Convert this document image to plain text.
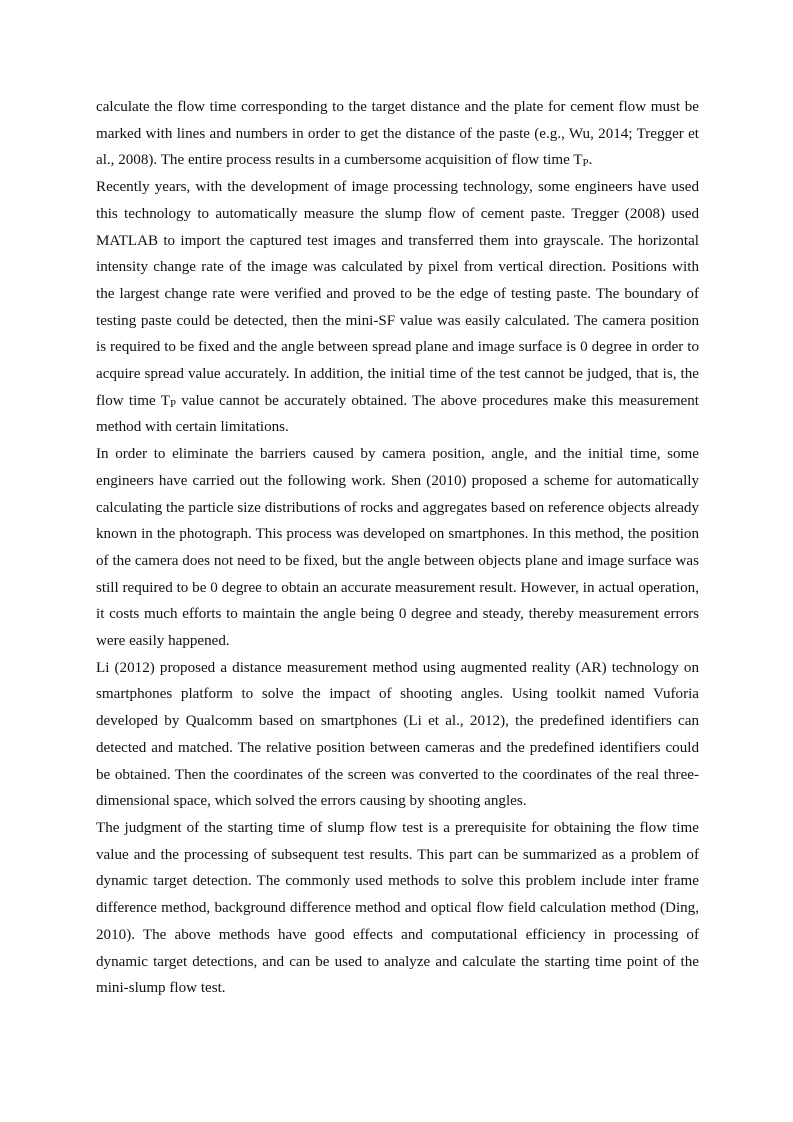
calculate the flow time corresponding to the target distance and the plate for cement flow must be marked with lines and numbers in order to get the distance of the paste (e.g., Wu, 2014; Tregger et al., 2008). The entire process results in a cumbersome acquisition of flow time TP.

Recently years, with the development of image processing technology, some engineers have used this technology to automatically measure the slump flow of cement paste. Tregger (2008) used MATLAB to import the captured test images and transferred them into grayscale. The horizontal intensity change rate of the image was calculated by pixel from vertical direction. Positions with the largest change rate were verified and proved to be the edge of testing paste. The boundary of testing paste could be detected, then the mini-SF value was easily calculated. The camera position is required to be fixed and the angle between spread plane and image surface is 0 degree in order to acquire spread value accurately. In addition, the initial time of the test cannot be judged, that is, the flow time TP value cannot be accurately obtained. The above procedures make this measurement method with certain limitations.

In order to eliminate the barriers caused by camera position, angle, and the initial time, some engineers have carried out the following work. Shen (2010) proposed a scheme for automatically calculating the particle size distributions of rocks and aggregates based on reference objects already known in the photograph. This process was developed on smartphones. In this method, the position of the camera does not need to be fixed, but the angle between objects plane and image surface was still required to be 0 degree to obtain an accurate measurement result. However, in actual operation, it costs much efforts to maintain the angle being 0 degree and steady, thereby measurement errors were easily happened.

Li (2012) proposed a distance measurement method using augmented reality (AR) technology on smartphones platform to solve the impact of shooting angles. Using toolkit named Vuforia developed by Qualcomm based on smartphones (Li et al., 2012), the predefined identifiers can detected and matched. The relative position between cameras and the predefined identifiers could be obtained. Then the coordinates of the screen was converted to the coordinates of the real three-dimensional space, which solved the errors causing by shooting angles.

The judgment of the starting time of slump flow test is a prerequisite for obtaining the flow time value and the processing of subsequent test results. This part can be summarized as a problem of dynamic target detection. The commonly used methods to solve this problem include inter frame difference method, background difference method and optical flow field calculation method (Ding, 2010). The above methods have good effects and computational efficiency in processing of dynamic target detections, and can be used to analyze and calculate the starting time point of the mini-slump flow test.
